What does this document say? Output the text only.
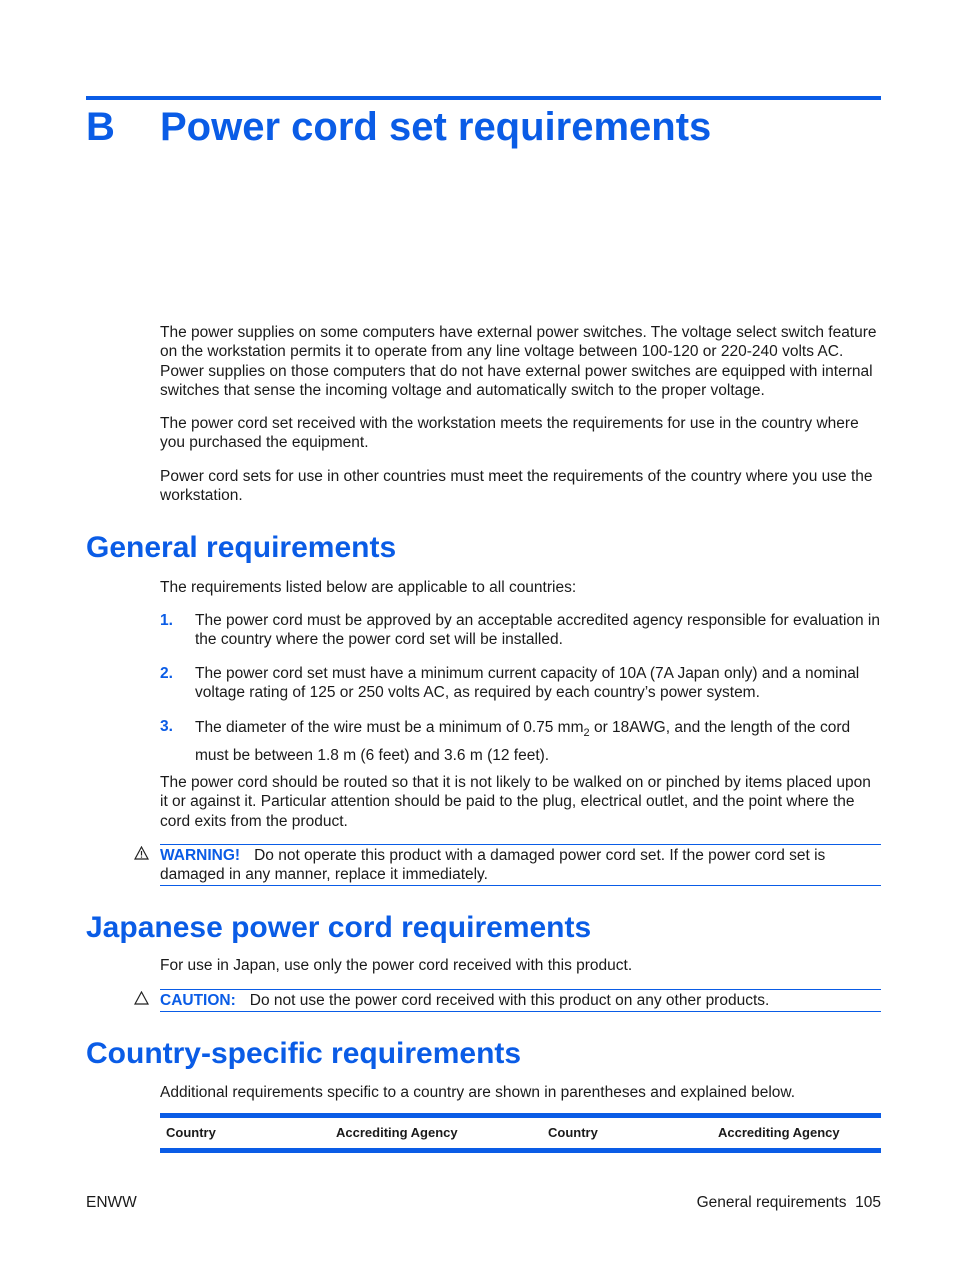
B Power cord set requirements
The power supplies on some computers have external power switches. The voltage select switch feature on the workstation permits it to operate from any line voltage between 100-120 or 220-240 volts AC. Power supplies on those computers that do not have external power switches are equipped with internal switches that sense the incoming voltage and automatically switch to the proper voltage.
The power cord set received with the workstation meets the requirements for use in the country where you purchased the equipment.
Power cord sets for use in other countries must meet the requirements of the country where you use the workstation.
General requirements
The requirements listed below are applicable to all countries:
1. The power cord must be approved by an acceptable accredited agency responsible for evaluation in the country where the power cord set will be installed.
2. The power cord set must have a minimum current capacity of 10A (7A Japan only) and a nominal voltage rating of 125 or 250 volts AC, as required by each country’s power system.
3. The diameter of the wire must be a minimum of 0.75 $mm_2$ or 18AWG, and the length of the cord must be between 1.8 m (6 feet) and 3.6 m (12 feet).
The power cord should be routed so that it is not likely to be walked on or pinched by items placed upon it or against it. Particular attention should be paid to the plug, electrical outlet, and the point where the cord exits from the product.
WARNING! Do not operate this product with a damaged power cord set. If the power cord set is damaged in any manner, replace it immediately.
Japanese power cord requirements
For use in Japan, use only the power cord received with this product.
CAUTION: Do not use the power cord received with this product on any other products.
Country-specific requirements
Additional requirements specific to a country are shown in parentheses and explained below.
Country	Accrediting Agency	Country	Accrediting Agency
ENWW	General requirements 105
